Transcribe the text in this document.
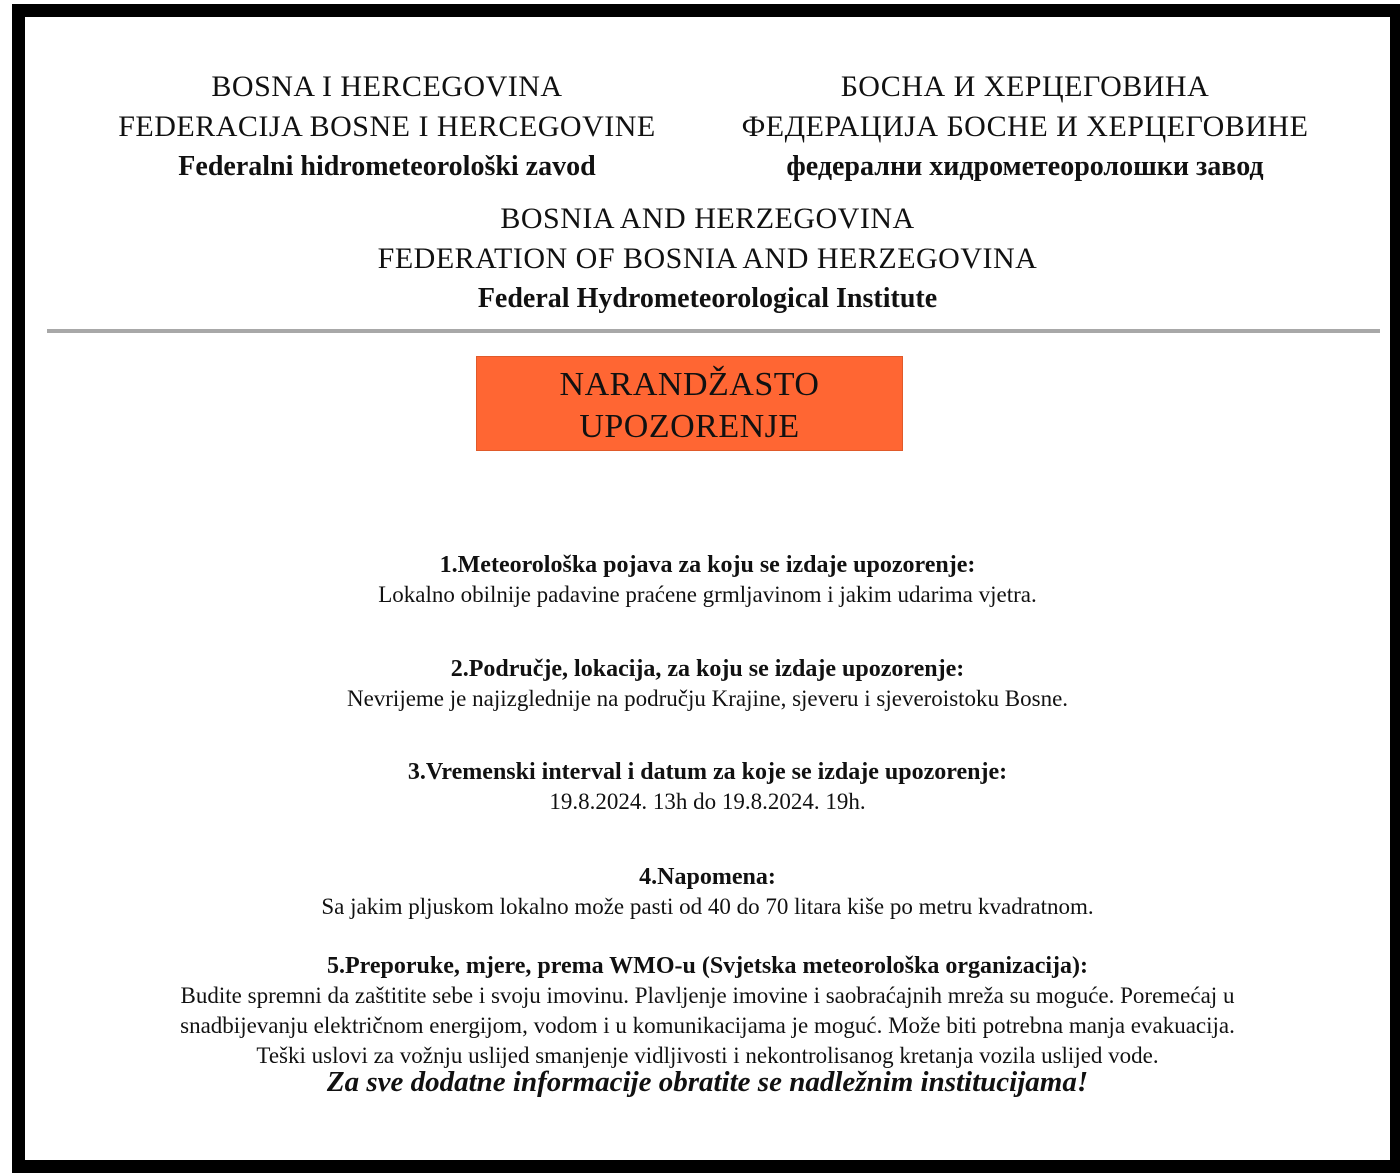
BOSNA I HERCEGOVINA
FEDERACIJA BOSNE I HERCEGOVINE
Federalni hidrometeorološki zavod
БОСНА И ХЕРЦЕГОВИНА
ФЕДЕРАЦИЈА БОСНЕ И ХЕРЦЕГОВИНЕ
федерални хидрометеоролошки завод
BOSNIA AND HERZEGOVINA
FEDERATION OF BOSNIA AND HERZEGOVINA
Federal Hydrometeorological Institute
NARANDŽASTO
UPOZORENJE
1.Meteorološka pojava za koju se izdaje upozorenje:
Lokalno obilnije padavine praćene grmljavinom i jakim udarima vjetra.
2.Područje, lokacija, za koju se izdaje upozorenje:
Nevrijeme je najizglednije na području Krajine, sjeveru i sjeveroistoku Bosne.
3.Vremenski interval i datum za koje se izdaje upozorenje:
19.8.2024. 13h do 19.8.2024. 19h.
4.Napomena:
Sa jakim pljuskom lokalno može pasti od 40 do 70 litara kiše po metru kvadratnom.
5.Preporuke, mjere, prema WMO-u (Svjetska meteorološka organizacija):
Budite spremni da zaštitite sebe i svoju imovinu. Plavljenje imovine i saobraćajnih mreža su moguće. Poremećaj u
snadbijevanju električnom energijom, vodom i u komunikacijama je moguć. Može biti potrebna manja evakuacija.
Teški uslovi za vožnju uslijed smanjenje vidljivosti i nekontrolisanog kretanja vozila uslijed vode.
Za sve dodatne informacije obratite se nadležnim institucijama!
